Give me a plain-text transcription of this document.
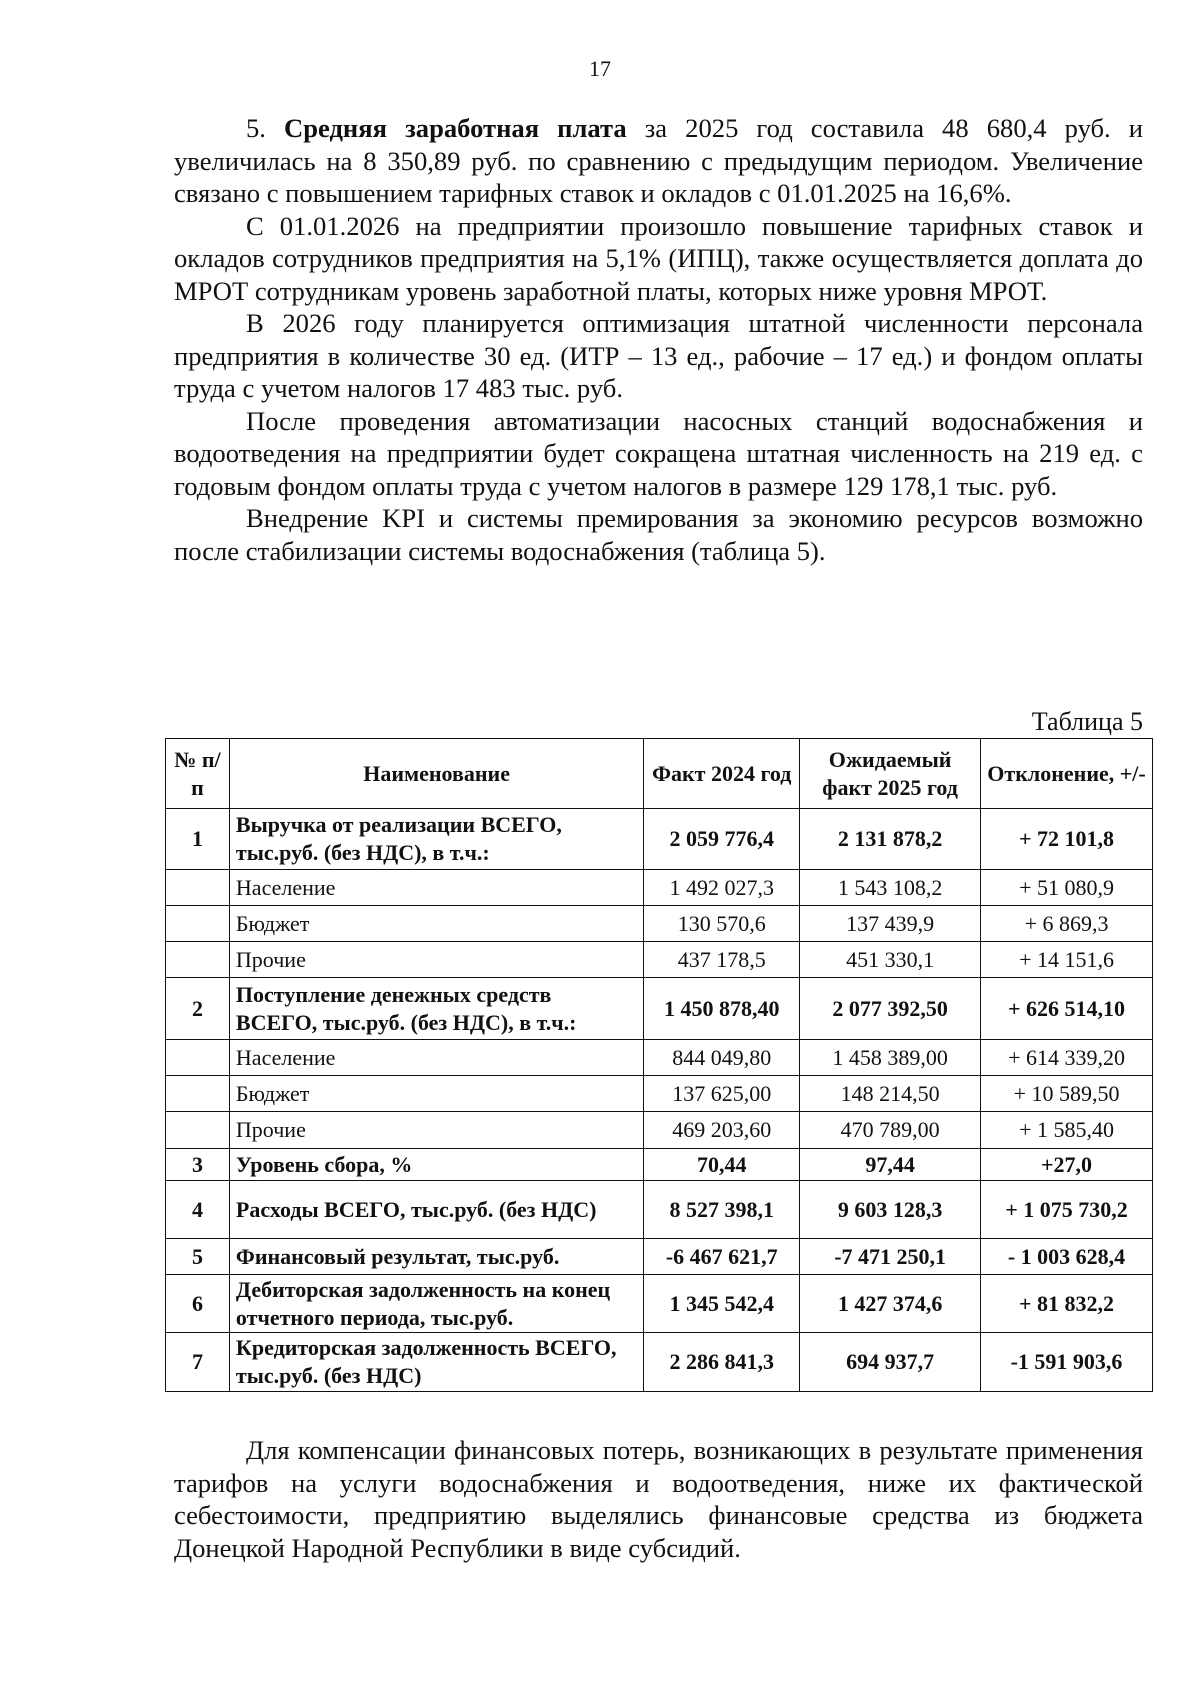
17

5. Средняя заработная плата за 2025 год составила 48 680,4 руб. и увеличилась на 8 350,89 руб. по сравнению с предыдущим периодом. Увеличение связано с повышением тарифных ставок и окладов с 01.01.2025 на 16,6%.

С 01.01.2026 на предприятии произошло повышение тарифных ставок и окладов сотрудников предприятия на 5,1% (ИПЦ), также осуществляется доплата до МРОТ сотрудникам уровень заработной платы, которых ниже уровня МРОТ.

В 2026 году планируется оптимизация штатной численности персонала предприятия в количестве 30 ед. (ИТР – 13 ед., рабочие – 17 ед.) и фондом оплаты труда с учетом налогов 17 483 тыс. руб.

После проведения автоматизации насосных станций водоснабжения и водоотведения на предприятии будет сокращена штатная численность на 219 ед. с годовым фондом оплаты труда с учетом налогов в размере 129 178,1 тыс. руб.

Внедрение KPI и системы премирования за экономию ресурсов возможно после стабилизации системы водоснабжения (таблица 5).

Таблица 5
№ п/п	Наименование	Факт 2024 год	Ожидаемый факт 2025 год	Отклонение, +/-
1	Выручка от реализации ВСЕГО, тыс.руб. (без НДС), в т.ч.:	2 059 776,4	2 131 878,2	+ 72 101,8
	Население	1 492 027,3	1 543 108,2	+ 51 080,9
	Бюджет	130 570,6	137 439,9	+ 6 869,3
	Прочие	437 178,5	451 330,1	+ 14 151,6
2	Поступление денежных средств ВСЕГО, тыс.руб. (без НДС), в т.ч.:	1 450 878,40	2 077 392,50	+ 626 514,10
	Население	844 049,80	1 458 389,00	+ 614 339,20
	Бюджет	137 625,00	148 214,50	+ 10 589,50
	Прочие	469 203,60	470 789,00	+ 1 585,40
3	Уровень сбора, %	70,44	97,44	+27,0
4	Расходы ВСЕГО, тыс.руб. (без НДС)	8 527 398,1	9 603 128,3	+ 1 075 730,2
5	Финансовый результат, тыс.руб.	-6 467 621,7	-7 471 250,1	- 1 003 628,4
6	Дебиторская задолженность на конец отчетного периода, тыс.руб.	1 345 542,4	1 427 374,6	+ 81 832,2
7	Кредиторская задолженность ВСЕГО, тыс.руб. (без НДС)	2 286 841,3	694 937,7	-1 591 903,6

Для компенсации финансовых потерь, возникающих в результате применения тарифов на услуги водоснабжения и водоотведения, ниже их фактической себестоимости, предприятию выделялись финансовые средства из бюджета Донецкой Народной Республики в виде субсидий.
